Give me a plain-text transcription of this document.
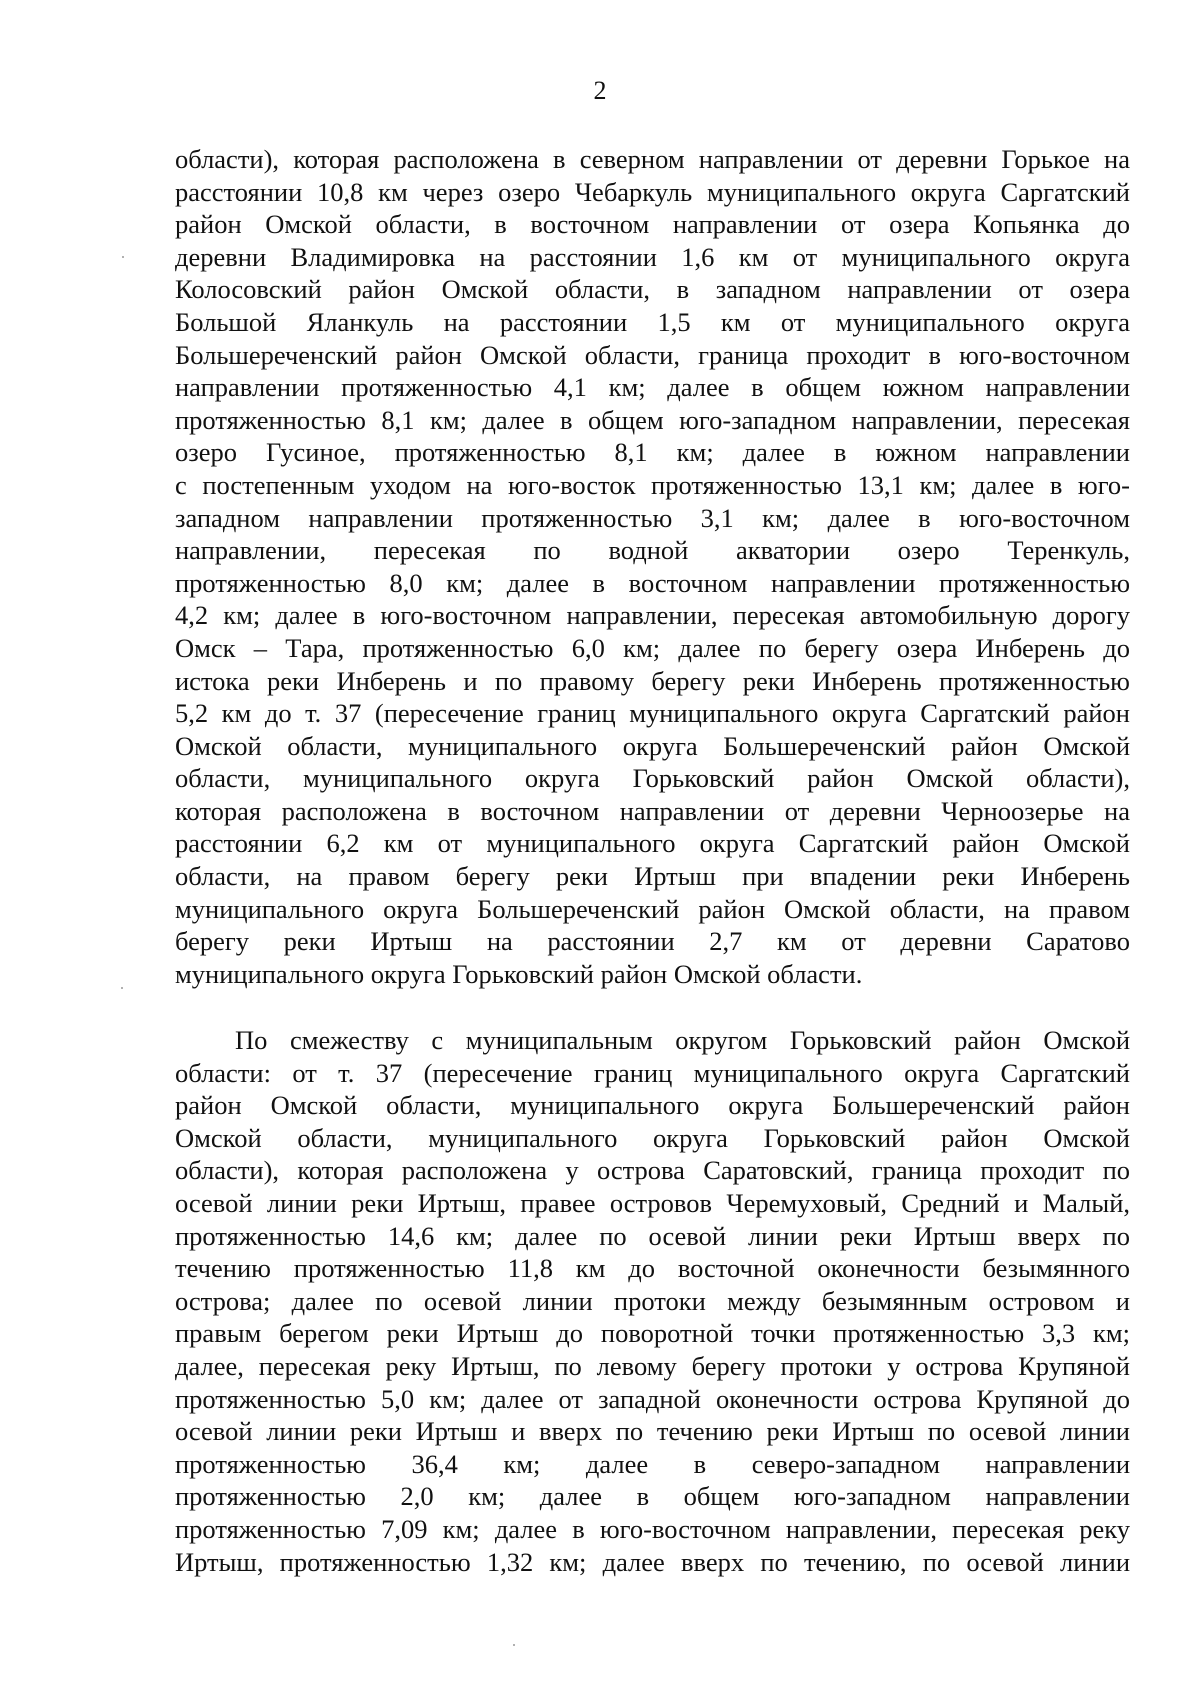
2
области), которая расположена в северном направлении от деревни Горькое на
расстоянии 10,8 км через озеро Чебаркуль муниципального округа Саргатский
район Омской области, в восточном направлении от озера Копьянка до
деревни Владимировка на расстоянии 1,6 км от муниципального округа
Колосовский район Омской области, в западном направлении от озера
Большой Яланкуль на расстоянии 1,5 км от муниципального округа
Большереченский район Омской области, граница проходит в юго-восточном
направлении протяженностью 4,1 км; далее в общем южном направлении
протяженностью 8,1 км; далее в общем юго-западном направлении, пересекая
озеро Гусиное, протяженностью 8,1 км; далее в южном направлении
с постепенным уходом на юго-восток протяженностью 13,1 км; далее в юго-
западном направлении протяженностью 3,1 км; далее в юго-восточном
направлении, пересекая по водной акватории озеро Теренкуль,
протяженностью 8,0 км; далее в восточном направлении протяженностью
4,2 км; далее в юго-восточном направлении, пересекая автомобильную дорогу
Омск – Тара, протяженностью 6,0 км; далее по берегу озера Инберень до
истока реки Инберень и по правому берегу реки Инберень протяженностью
5,2 км до т. 37 (пересечение границ муниципального округа Саргатский район
Омской области, муниципального округа Большереченский район Омской
области, муниципального округа Горьковский район Омской области),
которая расположена в восточном направлении от деревни Черноозерье на
расстоянии 6,2 км от муниципального округа Саргатский район Омской
области, на правом берегу реки Иртыш при впадении реки Инберень
муниципального округа Большереченский район Омской области, на правом
берегу реки Иртыш на расстоянии 2,7 км от деревни Саратово
муниципального округа Горьковский район Омской области.
По смежеству с муниципальным округом Горьковский район Омской
области: от т. 37 (пересечение границ муниципального округа Саргатский
район Омской области, муниципального округа Большереченский район
Омской области, муниципального округа Горьковский район Омской
области), которая расположена у острова Саратовский, граница проходит по
осевой линии реки Иртыш, правее островов Черемуховый, Средний и Малый,
протяженностью 14,6 км; далее по осевой линии реки Иртыш вверх по
течению протяженностью 11,8 км до восточной оконечности безымянного
острова; далее по осевой линии протоки между безымянным островом и
правым берегом реки Иртыш до поворотной точки протяженностью 3,3 км;
далее, пересекая реку Иртыш, по левому берегу протоки у острова Крупяной
протяженностью 5,0 км; далее от западной оконечности острова Крупяной до
осевой линии реки Иртыш и вверх по течению реки Иртыш по осевой линии
протяженностью 36,4 км; далее в северо-западном направлении
протяженностью 2,0 км; далее в общем юго-западном направлении
протяженностью 7,09 км; далее в юго-восточном направлении, пересекая реку
Иртыш, протяженностью 1,32 км; далее вверх по течению, по осевой линии
